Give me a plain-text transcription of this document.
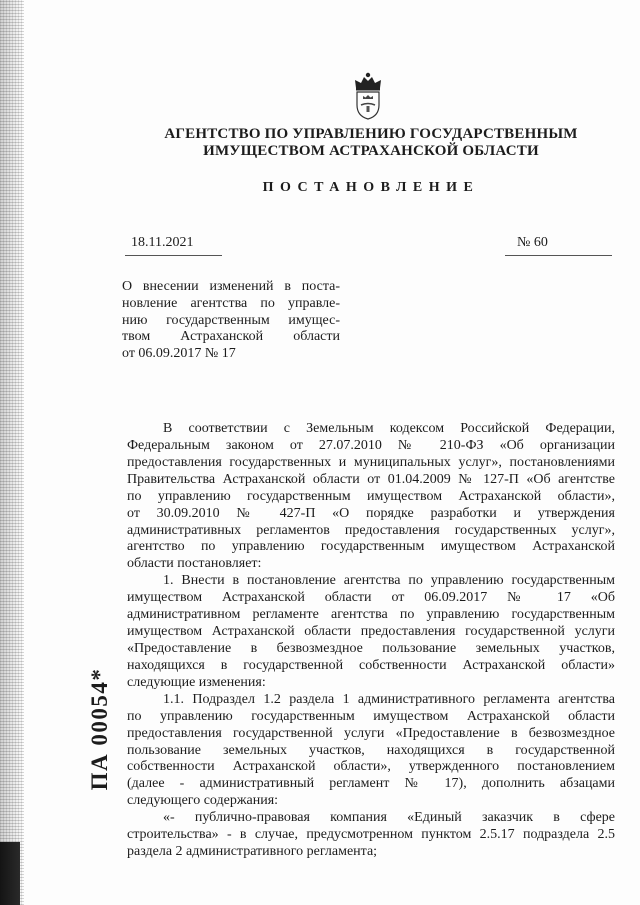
АГЕНТСТВО ПО УПРАВЛЕНИЮ ГОСУДАРСТВЕННЫМ
ИМУЩЕСТВОМ АСТРАХАНСКОЙ ОБЛАСТИ
ПОСТАНОВЛЕНИЕ
18.11.2021	№ 60
О внесении изменений в поста-
новление агентства по управле-
нию государственным имущес-
твом Астраханской области
от 06.09.2017 № 17
В соответствии с Земельным кодексом Российской Федерации,
Федеральным законом от 27.07.2010 № 210-ФЗ «Об организации
предоставления государственных и муниципальных услуг», постановлениями
Правительства Астраханской области от 01.04.2009 № 127-П «Об агентстве
по управлению государственным имуществом Астраханской области»,
от 30.09.2010 № 427-П «О порядке разработки и утверждения
административных регламентов предоставления государственных услуг»,
агентство по управлению государственным имуществом Астраханской
области постановляет:
1. Внести в постановление агентства по управлению государственным
имуществом Астраханской области от 06.09.2017 № 17 «Об
административном регламенте агентства по управлению государственным
имуществом Астраханской области предоставления государственной услуги
«Предоставление в безвозмездное пользование земельных участков,
находящихся в государственной собственности Астраханской области»
следующие изменения:
1.1. Подраздел 1.2 раздела 1 административного регламента агентства
по управлению государственным имуществом Астраханской области
предоставления государственной услуги «Предоставление в безвозмездное
пользование земельных участков, находящихся в государственной
собственности Астраханской области», утвержденного постановлением
(далее - административный регламент № 17), дополнить абзацами
следующего содержания:
«- публично-правовая компания «Единый заказчик в сфере
строительства» - в случае, предусмотренном пунктом 2.5.17 подраздела 2.5
раздела 2 административного регламента;
ПА 00054*
